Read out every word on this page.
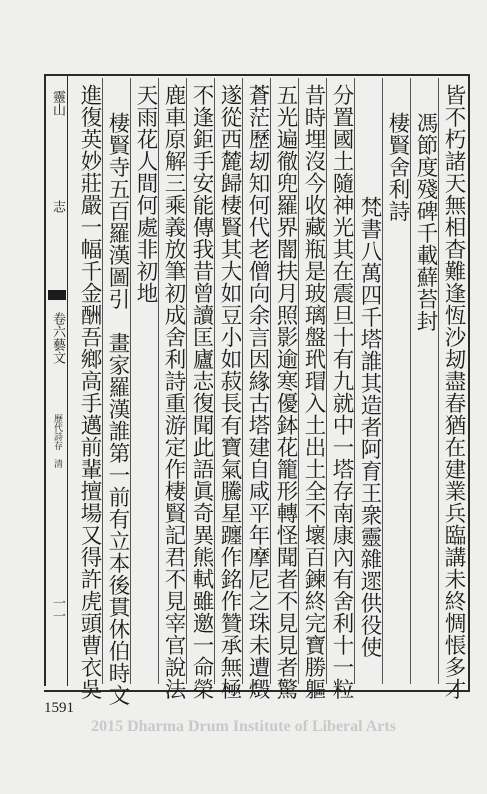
靈山
志
卷六藝文
歷代詩存　清
一一	皆不朽諸天無相杳難逢恆沙刼盡春猶在建業兵臨講未終惆悵多才
馮節度殘碑千載蘚苔封
棲賢舍利詩
梵書八萬四千塔誰其造者阿育王衆靈雜遝供役使
分置國土隨神光其在震旦十有九就中一塔存南康內有舍利十一粒
昔時埋沒今收藏瓶是玻璃盤玳瑁入土出土全不壞百鍊終完寶勝軀
五光遍徹兜羅界闇扶月照影逾寒優鉢花籠形轉怪聞者不見見者驚
蒼茫歷刼知何代老僧向余言因緣古塔建自咸平年摩尼之珠未遭燬
遂從西麓歸棲賢其大如豆小如菽長有寶氣騰星躔作銘作贊承無極
不逢鉅手安能傳我昔曾讀匡廬志復聞此語眞奇異熊軾雖邀一命榮
鹿車原解三乘義放筆初成舍利詩重游定作棲賢記君不見宰官說法
天雨花人間何處非初地
棲賢寺五百羅漢圖引　畫家羅漢誰第一前有立本後貫休伯時文
進復英妙莊嚴一幅千金酬吾鄉高手邁前輩擅場又得許虎頭曹衣吳
1591
2015 Dharma Drum Institute of Liberal Arts
